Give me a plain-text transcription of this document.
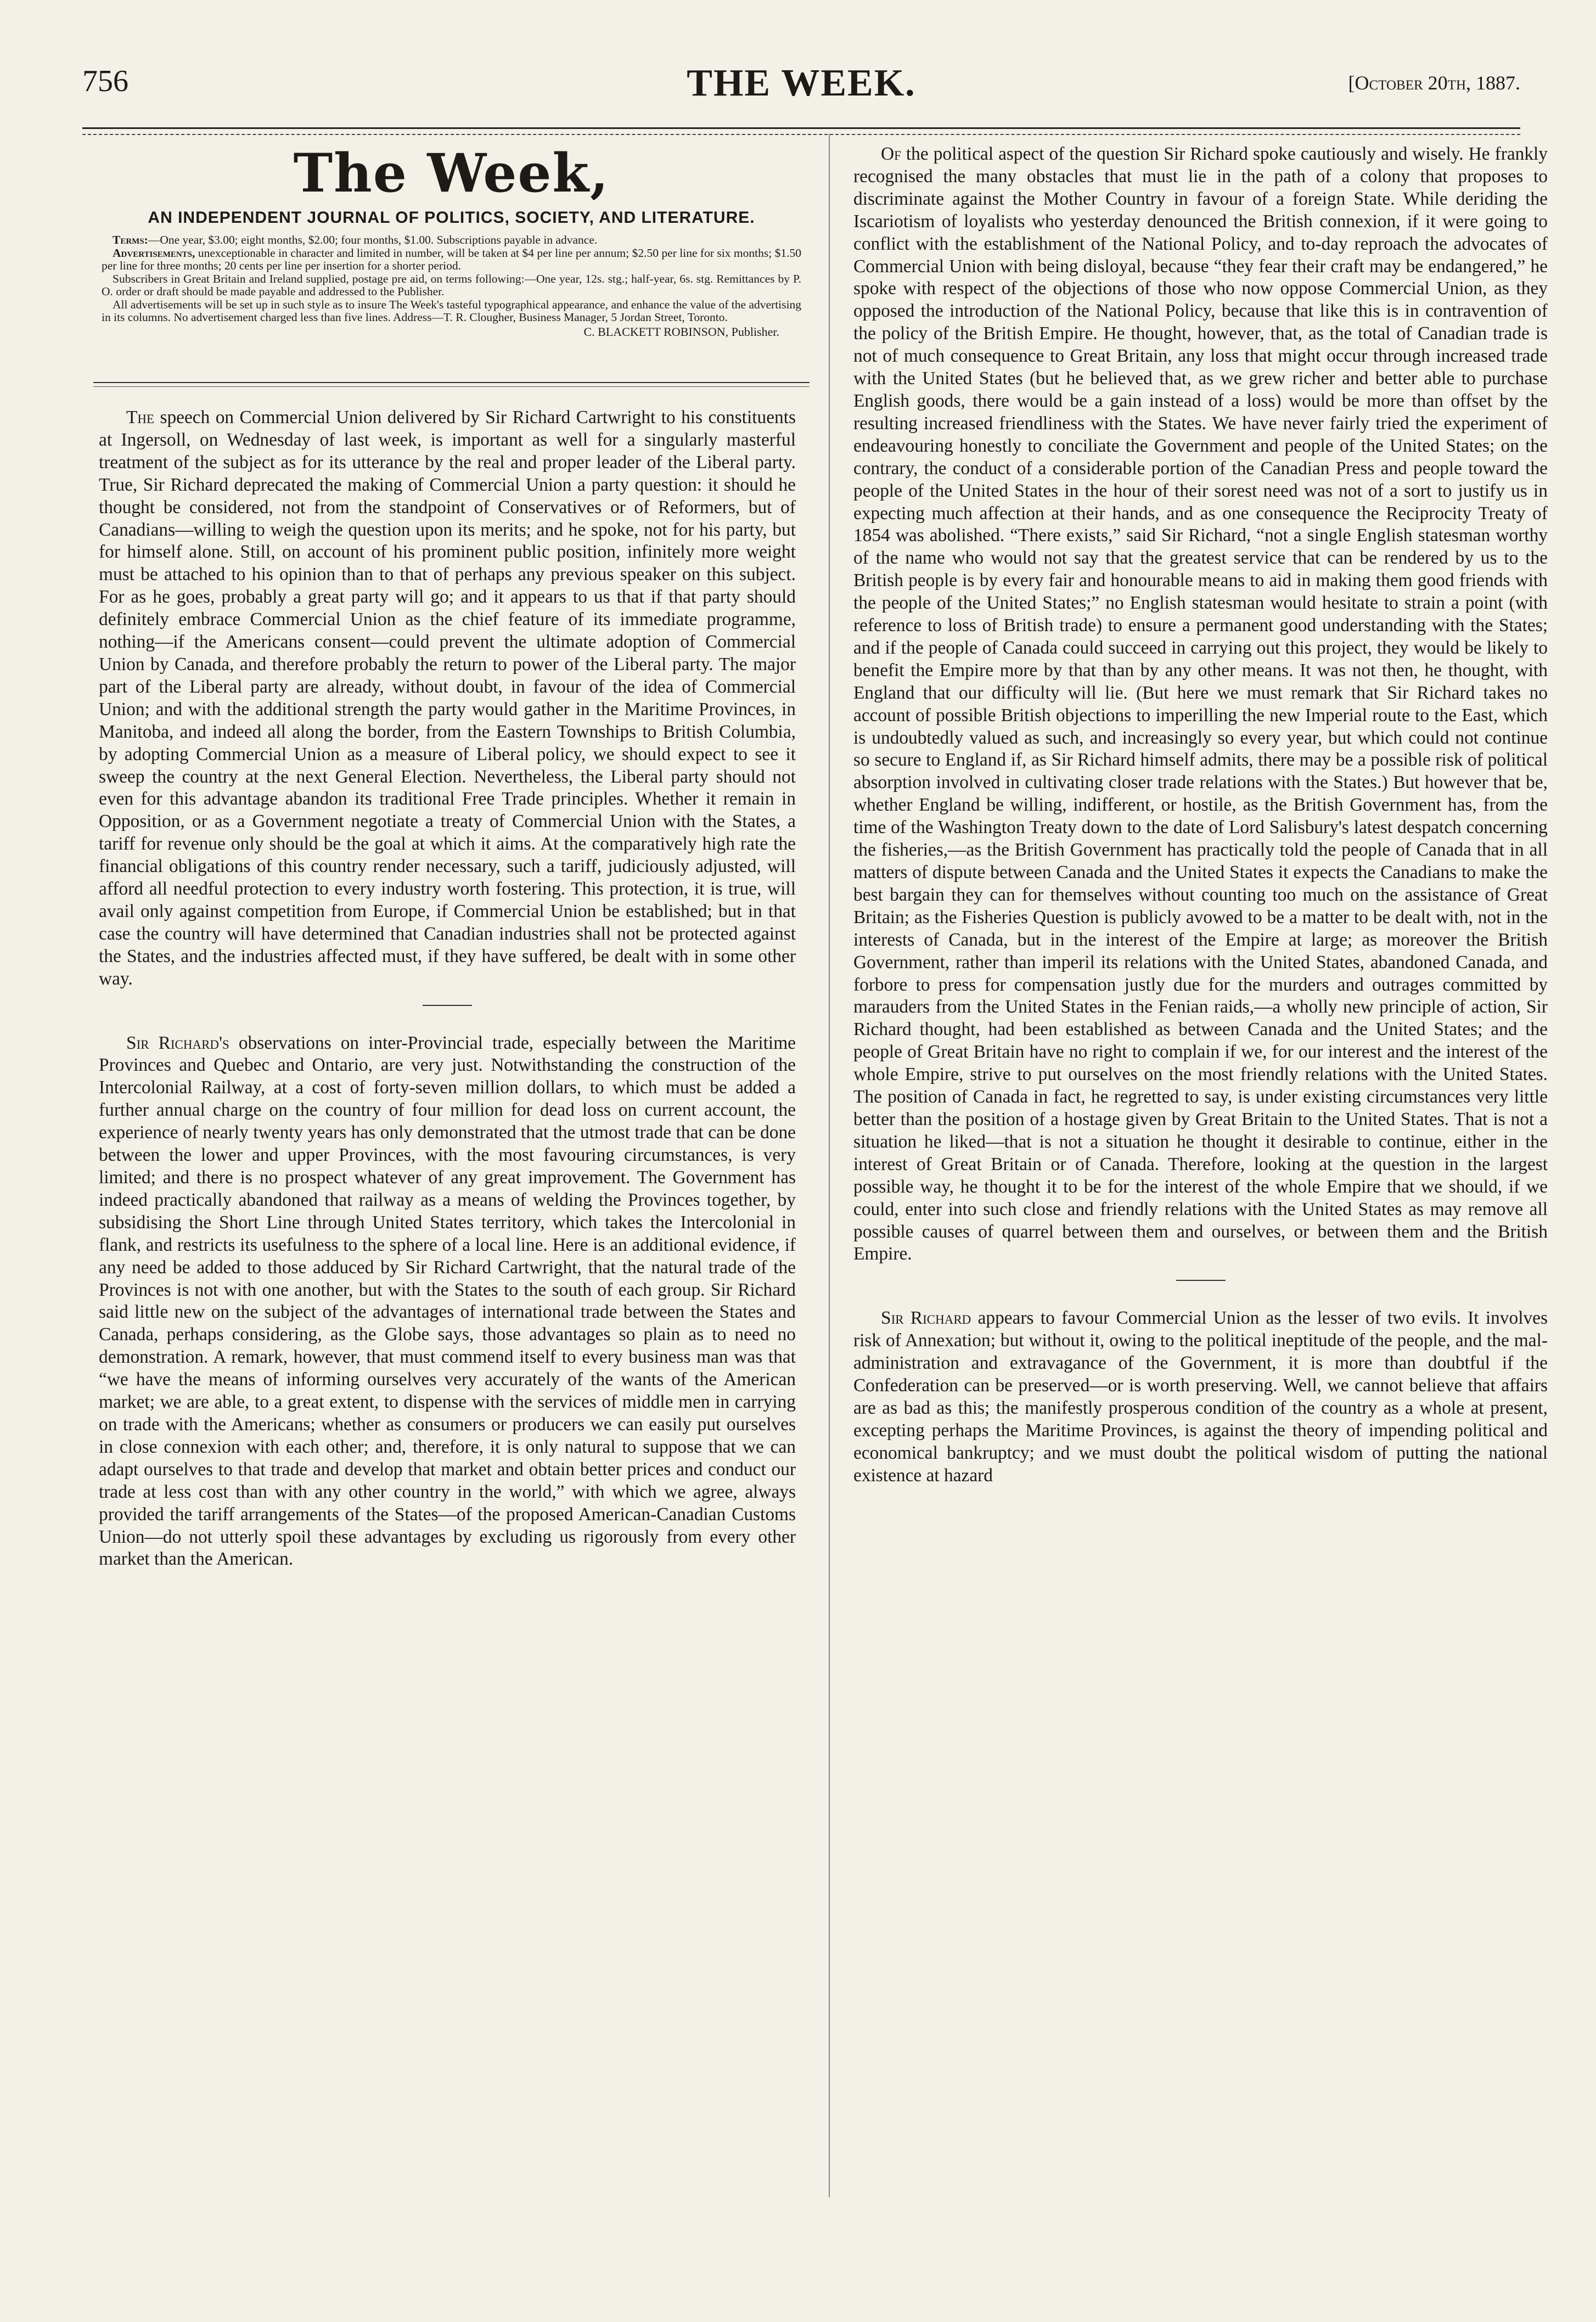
756	THE WEEK.	[October 20th, 1887.
The Week,
AN INDEPENDENT JOURNAL OF POLITICS, SOCIETY, AND LITERATURE.

Terms:—One year, $3.00; eight months, $2.00; four months, $1.00. Subscriptions payable in advance.

Advertisements, unexceptionable in character and limited in number, will be taken at $4 per line per annum; $2.50 per line for six months; $1.50 per line for three months; 20 cents per line per insertion for a shorter period.

Subscribers in Great Britain and Ireland supplied, postage pre aid, on terms following:—One year, 12s. stg.; half-year, 6s. stg. Remittances by P. O. order or draft should be made payable and addressed to the Publisher.

All advertisements will be set up in such style as to insure The Week's tasteful typographical appearance, and enhance the value of the advertising in its columns. No advertisement charged less than five lines. Address—T. R. Clougher, Business Manager, 5 Jordan Street, Toronto.

C. BLACKETT ROBINSON, Publisher.

The speech on Commercial Union delivered by Sir Richard Cartwright to his constituents at Ingersoll, on Wednesday of last week, is important as well for a singularly masterful treatment of the subject as for its utterance by the real and proper leader of the Liberal party. True, Sir Richard deprecated the making of Commercial Union a party question: it should he thought be considered, not from the standpoint of Conservatives or of Reformers, but of Canadians—willing to weigh the question upon its merits; and he spoke, not for his party, but for himself alone. Still, on account of his prominent public position, infinitely more weight must be attached to his opinion than to that of perhaps any previous speaker on this subject. For as he goes, probably a great party will go; and it appears to us that if that party should definitely embrace Commercial Union as the chief feature of its immediate programme, nothing—if the Americans consent—could prevent the ultimate adoption of Commercial Union by Canada, and therefore probably the return to power of the Liberal party. The major part of the Liberal party are already, without doubt, in favour of the idea of Commercial Union; and with the additional strength the party would gather in the Maritime Provinces, in Manitoba, and indeed all along the border, from the Eastern Townships to British Columbia, by adopting Commercial Union as a measure of Liberal policy, we should expect to see it sweep the country at the next General Election. Nevertheless, the Liberal party should not even for this advantage abandon its traditional Free Trade principles. Whether it remain in Opposition, or as a Government negotiate a treaty of Commercial Union with the States, a tariff for revenue only should be the goal at which it aims. At the comparatively high rate the financial obligations of this country render necessary, such a tariff, judiciously adjusted, will afford all needful protection to every industry worth fostering. This protection, it is true, will avail only against competition from Europe, if Commercial Union be established; but in that case the country will have determined that Canadian industries shall not be protected against the States, and the industries affected must, if they have suffered, be dealt with in some other way.

Sir Richard's observations on inter-Provincial trade, especially between the Maritime Provinces and Quebec and Ontario, are very just. Notwithstanding the construction of the Intercolonial Railway, at a cost of forty-seven million dollars, to which must be added a further annual charge on the country of four million for dead loss on current account, the experience of nearly twenty years has only demonstrated that the utmost trade that can be done between the lower and upper Provinces, with the most favouring circumstances, is very limited; and there is no prospect whatever of any great improvement. The Government has indeed practically abandoned that railway as a means of welding the Provinces together, by subsidising the Short Line through United States territory, which takes the Intercolonial in flank, and restricts its usefulness to the sphere of a local line. Here is an additional evidence, if any need be added to those adduced by Sir Richard Cartwright, that the natural trade of the Provinces is not with one another, but with the States to the south of each group. Sir Richard said little new on the subject of the advantages of international trade between the States and Canada, perhaps considering, as the Globe says, those advantages so plain as to need no demonstration. A remark, however, that must commend itself to every business man was that “we have the means of informing ourselves very accurately of the wants of the American market; we are able, to a great extent, to dispense with the services of middle men in carrying on trade with the Americans; whether as consumers or producers we can easily put ourselves in close connexion with each other; and, therefore, it is only natural to suppose that we can adapt ourselves to that trade and develop that market and obtain better prices and conduct our trade at less cost than with any other country in the world,” with which we agree, always provided the tariff arrangements of the States—of the proposed American-Canadian Customs Union—do not utterly spoil these advantages by excluding us rigorously from every other market than the American.

Of the political aspect of the question Sir Richard spoke cautiously and wisely. He frankly recognised the many obstacles that must lie in the path of a colony that proposes to discriminate against the Mother Country in favour of a foreign State. While deriding the Iscariotism of loyalists who yesterday denounced the British connexion, if it were going to conflict with the establishment of the National Policy, and to-day reproach the advocates of Commercial Union with being disloyal, because “they fear their craft may be endangered,” he spoke with respect of the objections of those who now oppose Commercial Union, as they opposed the introduction of the National Policy, because that like this is in contravention of the policy of the British Empire. He thought, however, that, as the total of Canadian trade is not of much consequence to Great Britain, any loss that might occur through increased trade with the United States (but he believed that, as we grew richer and better able to purchase English goods, there would be a gain instead of a loss) would be more than offset by the resulting increased friendliness with the States. We have never fairly tried the experiment of endeavouring honestly to conciliate the Government and people of the United States; on the contrary, the conduct of a considerable portion of the Canadian Press and people toward the people of the United States in the hour of their sorest need was not of a sort to justify us in expecting much affection at their hands, and as one consequence the Reciprocity Treaty of 1854 was abolished. “There exists,” said Sir Richard, “not a single English statesman worthy of the name who would not say that the greatest service that can be rendered by us to the British people is by every fair and honourable means to aid in making them good friends with the people of the United States;” no English statesman would hesitate to strain a point (with reference to loss of British trade) to ensure a permanent good understanding with the States; and if the people of Canada could succeed in carrying out this project, they would be likely to benefit the Empire more by that than by any other means. It was not then, he thought, with England that our difficulty will lie. (But here we must remark that Sir Richard takes no account of possible British objections to imperilling the new Imperial route to the East, which is undoubtedly valued as such, and increasingly so every year, but which could not continue so secure to England if, as Sir Richard himself admits, there may be a possible risk of political absorption involved in cultivating closer trade relations with the States.) But however that be, whether England be willing, indifferent, or hostile, as the British Government has, from the time of the Washington Treaty down to the date of Lord Salisbury's latest despatch concerning the fisheries,—as the British Government has practically told the people of Canada that in all matters of dispute between Canada and the United States it expects the Canadians to make the best bargain they can for themselves without counting too much on the assistance of Great Britain; as the Fisheries Question is publicly avowed to be a matter to be dealt with, not in the interests of Canada, but in the interest of the Empire at large; as moreover the British Government, rather than imperil its relations with the United States, abandoned Canada, and forbore to press for compensation justly due for the murders and outrages committed by marauders from the United States in the Fenian raids,—a wholly new principle of action, Sir Richard thought, had been established as between Canada and the United States; and the people of Great Britain have no right to complain if we, for our interest and the interest of the whole Empire, strive to put ourselves on the most friendly relations with the United States. The position of Canada in fact, he regretted to say, is under existing circumstances very little better than the position of a hostage given by Great Britain to the United States. That is not a situation he liked—that is not a situation he thought it desirable to continue, either in the interest of Great Britain or of Canada. Therefore, looking at the question in the largest possible way, he thought it to be for the interest of the whole Empire that we should, if we could, enter into such close and friendly relations with the United States as may remove all possible causes of quarrel between them and ourselves, or between them and the British Empire.

Sir Richard appears to favour Commercial Union as the lesser of two evils. It involves risk of Annexation; but without it, owing to the political ineptitude of the people, and the mal-administration and extravagance of the Government, it is more than doubtful if the Confederation can be preserved—or is worth preserving. Well, we cannot believe that affairs are as bad as this; the manifestly prosperous condition of the country as a whole at present, excepting perhaps the Maritime Provinces, is against the theory of impending political and economical bankruptcy; and we must doubt the political wisdom of putting the national existence at hazard
